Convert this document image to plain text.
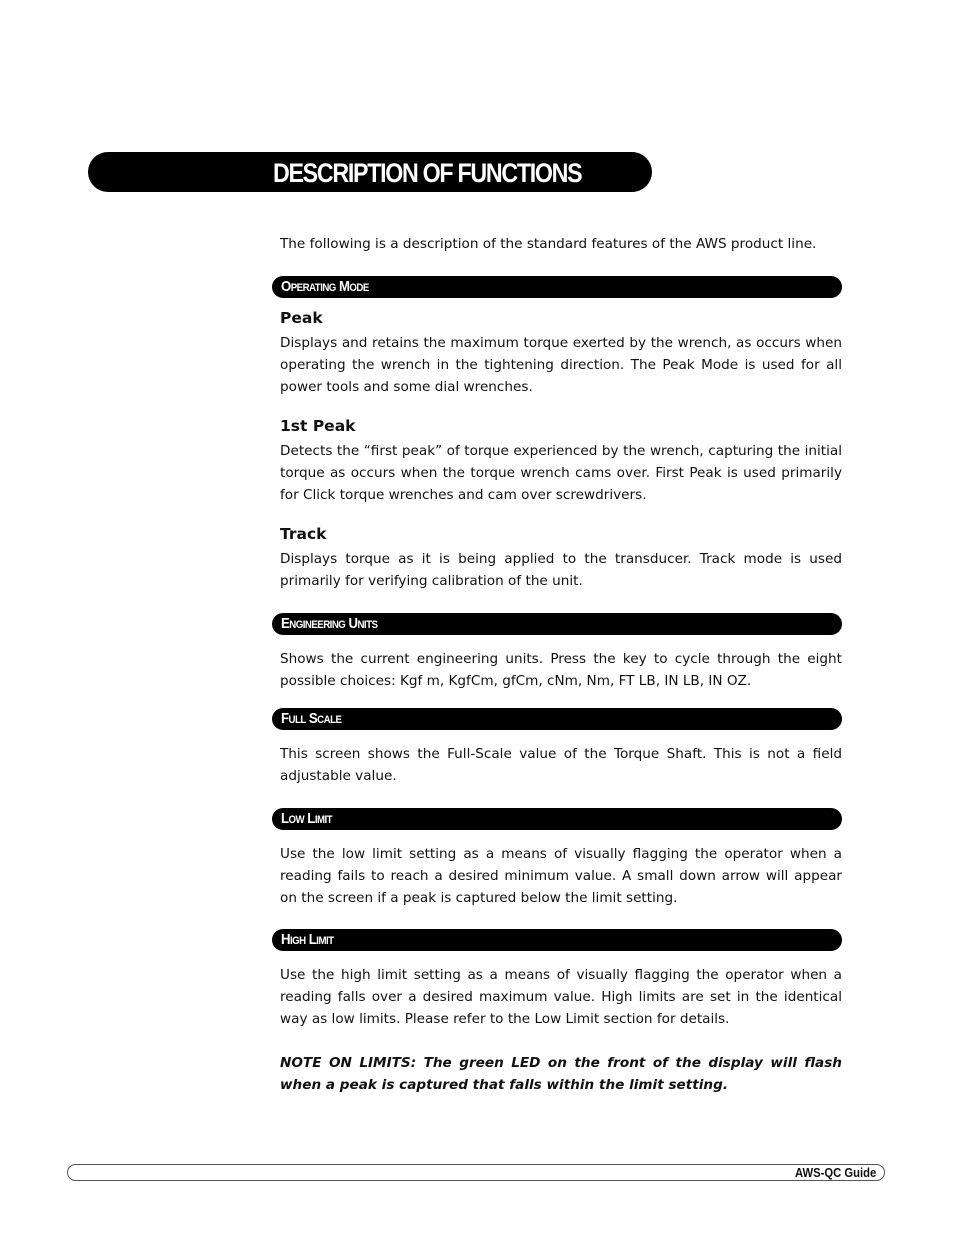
DESCRIPTION OF FUNCTIONS
The following is a description of the standard features of the AWS product line.
Operating Mode
Peak

Displays and retains the maximum torque exerted by the wrench, as occurs when operating the wrench in the tightening direction. The Peak Mode is used for all power tools and some dial wrenches.

1st Peak

Detects the “first peak” of torque experienced by the wrench, capturing the initial torque as occurs when the torque wrench cams over. First Peak is used primarily for Click torque wrenches and cam over screwdrivers.

Track

Displays torque as it is being applied to the transducer. Track mode is used primarily for verifying calibration of the unit.

Engineering Units

Shows the current engineering units. Press the key to cycle through the eight possible choices: Kgf m, KgfCm, gfCm, cNm, Nm, FT LB, IN LB, IN OZ.

Full Scale

This screen shows the Full-Scale value of the Torque Shaft. This is not a field adjustable value.

Low Limit

Use the low limit setting as a means of visually flagging the operator when a reading fails to reach a desired minimum value. A small down arrow will appear on the screen if a peak is captured below the limit setting.

High Limit

Use the high limit setting as a means of visually flagging the operator when a reading falls over a desired maximum value. High limits are set in the identical way as low limits. Please refer to the Low Limit section for details.

NOTE ON LIMITS: The green LED on the front of the display will flash when a peak is captured that falls within the limit setting.

AWS-QC Guide
